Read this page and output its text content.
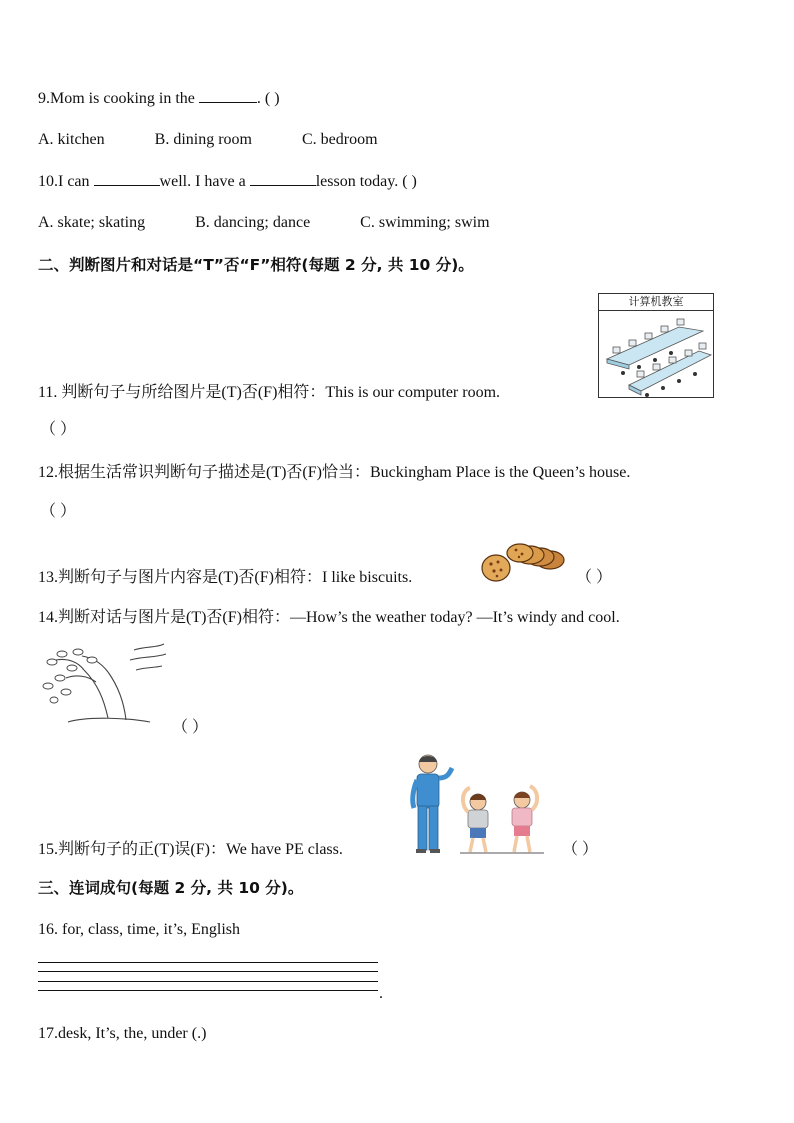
9.Mom is cooking in the	. ( )
A. kitchen	B. dining room	C. bedroom
10.I can	well. I have a	lesson today. ( )
A. skate; skating	B. dancing; dance	C. swimming; swim
二、判断图片和对话是“T”否“F”相符(每题 2 分, 共 10 分)。
计算机教室
11. 判断句子与所给图片是(T)否(F)相符：This is our computer room.
（ ）
12.根据生活常识判断句子描述是(T)否(F)恰当：Buckingham Place is the Queen’s house.
（ ）
13.判断句子与图片内容是(T)否(F)相符：I like biscuits.	（ ）
14.判断对话与图片是(T)否(F)相符：—How’s the weather today? —It’s windy and cool.
（ ）
15.判断句子的正(T)误(F)：We have PE class.	（ ）
三、连词成句(每题 2 分, 共 10 分)。
16. for, class, time, it’s, English
.
17.desk, It’s, the, under (.)
